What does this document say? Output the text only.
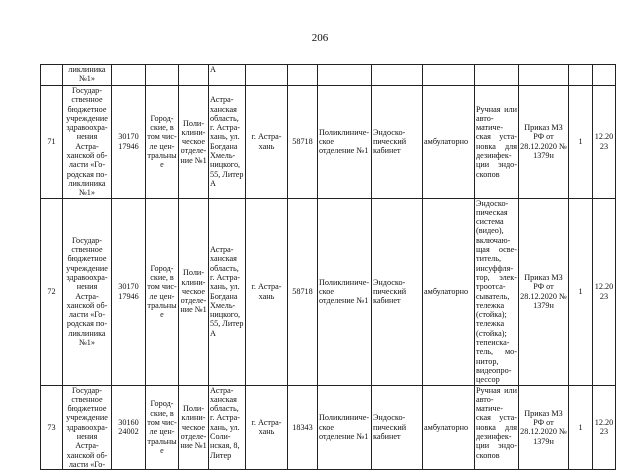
206
	ликлиника №1»				А									
71	Государ-ственное бюджетное учреждение здравоохра-нения Астра-ханской об-ласти «Го-родская по-ликлиника №1»	30170 17946	Город-ские, в том чис-ле цен-тральные	Поли-клини-ческое отделе-ние №1	Астра-ханская область, г. Астра-хань, ул. Богдана Хмель-ницкого, 55, Литер А	г. Астра-хань	58718	Поликлиниче-ское отделение №1	Эндоско-пический кабинет	амбулаторно	Ручная или авто-матиче-ская уста-новка для дезинфек-ции эндо-скопов	Приказ МЗ РФ от 28.12.2020 № 1379н	1	12.2023
72	Государ-ственное бюджетное учреждение здравоохра-нения Астра-ханской об-ласти «Го-родская по-ликлиника №1»	30170 17946	Город-ские, в том чис-ле цен-тральные	Поли-клини-ческое отделе-ние №1	Астра-ханская область, г. Астра-хань, ул. Богдана Хмель-ницкого, 55, Литер А	г. Астра-хань	58718	Поликлиниче-ское отделение №1	Эндоско-пический кабинет	амбулаторно	Эндоско-пическая система (видео), включаю-щая осве-титель, инсуффля-тор, элек-троотса-сыватель, тележка (стойка); тележка (стойка); тепеиска-тель, мо-нитор, видеопро-цессор	Приказ МЗ РФ от 28.12.2020 № 1379н	1	12.2023
73	Государ-ственное бюджетное учреждение здравоохра-нения Астра-ханской об-ласти «Го-	30160 24002	Город-ские, в том чис-ле цен-тральные	Поли-клини-ческое отделе-ние №1	Астра-ханская область, г. Астра-хань, ул. Соли-нская, 8, Литер	г. Астра-хань	18343	Поликлиниче-ское отделение №1	Эндоско-пический кабинет	амбулаторно	Ручная или авто-матиче-ская уста-новка для дезинфек-ции эндо-скопов	Приказ МЗ РФ от 28.12.2020 № 1379н	1	12.2023
